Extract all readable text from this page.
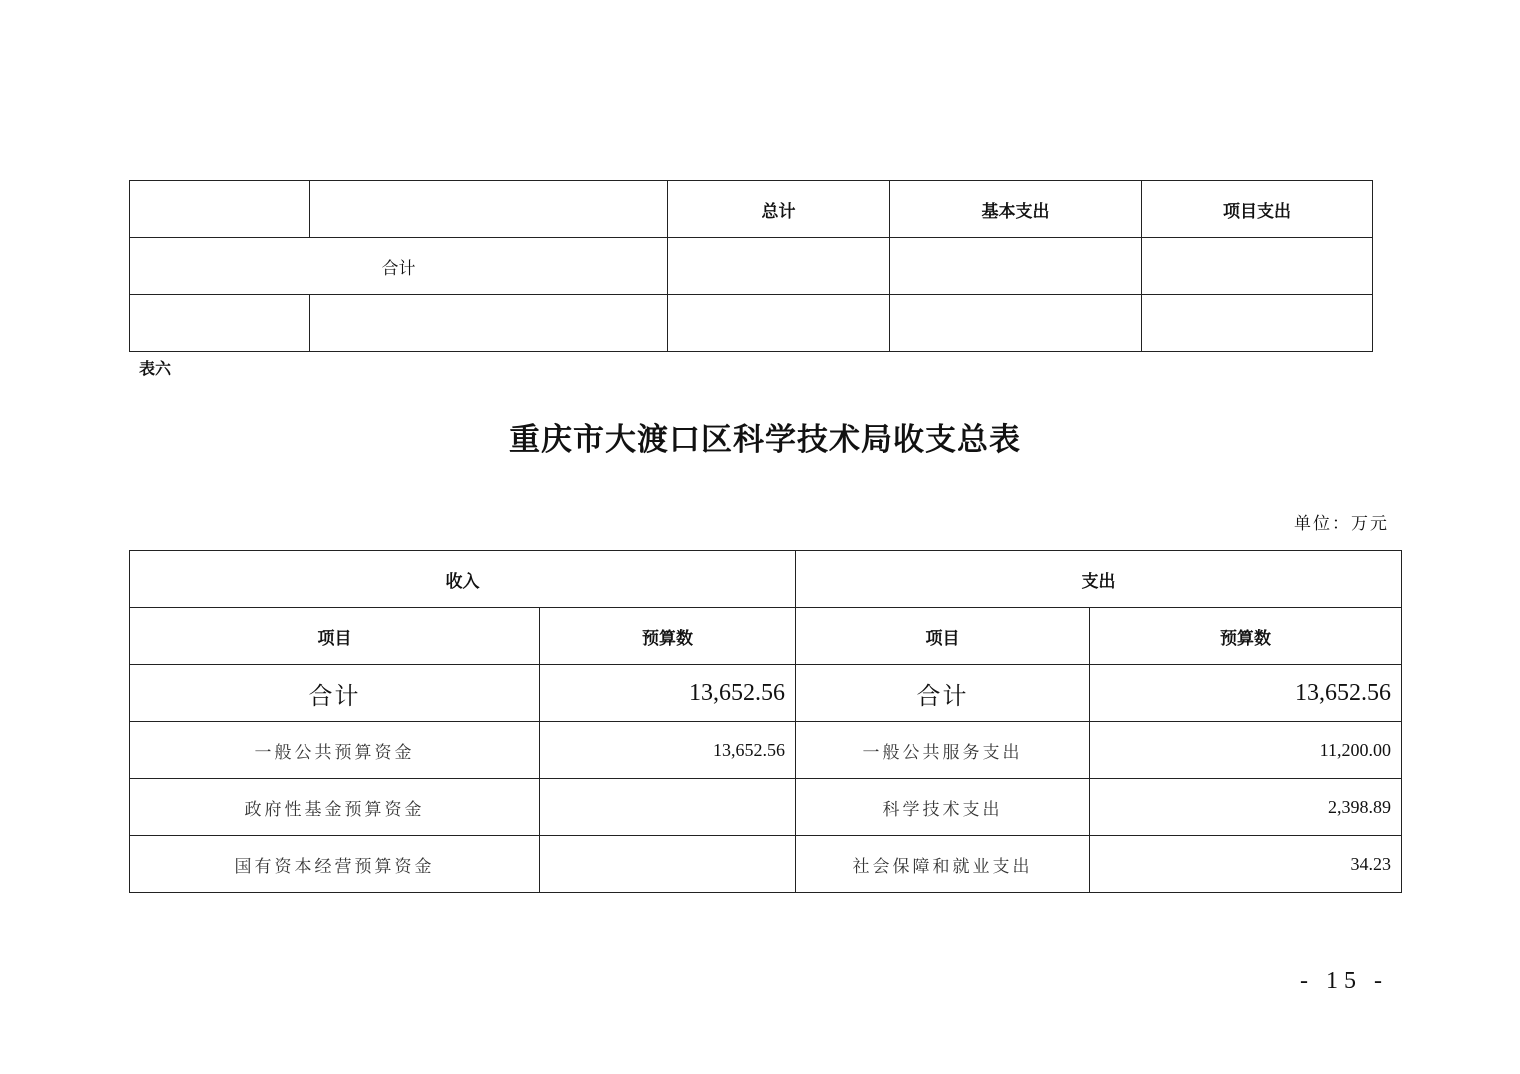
		总计	基本支出	项目支出
合计				

表六
重庆市大渡口区科学技术局收支总表
单位：万元
收入		支出	
项目	预算数	项目	预算数
合计	13,652.56	合计	13,652.56
一般公共预算资金	13,652.56	一般公共服务支出	11,200.00
政府性基金预算资金		科学技术支出	2,398.89
国有资本经营预算资金		社会保障和就业支出	34.23
- 15 -
